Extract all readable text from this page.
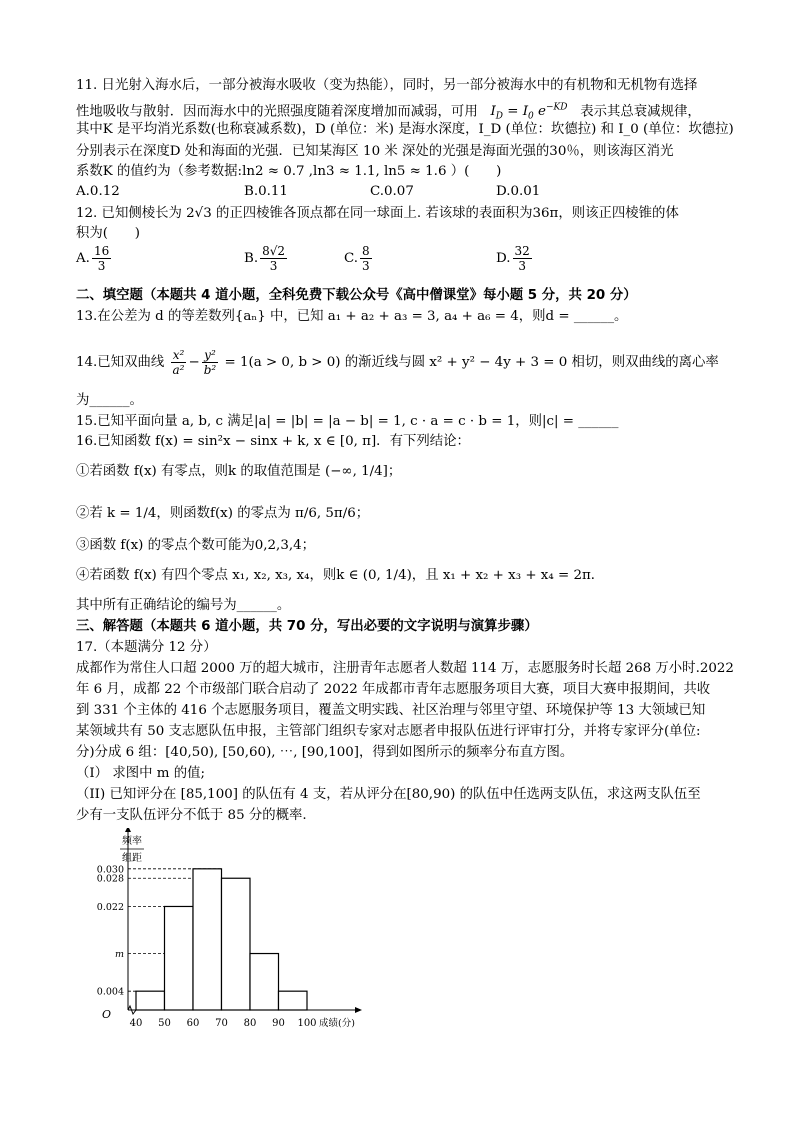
11. 日光射入海水后，一部分被海水吸收（变为热能），同时，另一部分被海水中的有机物和无机物有选择
性地吸收与散射．因而海水中的光照强度随着深度增加而减弱，可用   $I_D = I_0$ $e^{-KD}$ 表示其总衰减规律，
其中K 是平均消光系数(也称衰减系数)，D (单位：米) 是海水深度，I_D (单位：坎德拉) 和 I_0 (单位：坎德拉)
分别表示在深度D 处和海面的光强．已知某海区 10 米 深处的光强是海面光强的30％，则该海区消光
系数K 的值约为（参考数据:ln2 ≈ 0.7 ,ln3 ≈ 1.1, ln5 ≈ 1.6 ）(　　)
A.0.12	B.0.11	C.0.07	D.0.01
12. 已知侧棱长为 2√3 的正四棱锥各顶点都在同一球面上. 若该球的表面积为36π，则该正四棱锥的体
积为(　　)
A. $\frac{16}{3}$	B. $\frac{8√2}{3}$	C. $\frac{8}{3}$	D. $\frac{32}{3}$
二、填空题（本题共 4 道小题，全科免费下载公众号《高中僧课堂》每小题 5 分，共 20 分）
13.在公差为 d 的等差数列{aₙ} 中，已知 a₁ + a₂ + a₃ = 3, a₄ + a₆ = 4，则d = ______。
14.已知双曲线 $\frac{\text{x²}}{\text{a²}} - \frac{\text{y²}}{\text{b²}} = 1(a > 0$, b > 0) 的渐近线与圆 x² + y² − 4y + 3 = 0 相切，则双曲线的离心率
为______。
15.已知平面向量 a, b, c 满足|a| = |b| = |a − b| = 1, c · a = c · b = 1，则|c| = ______
16.已知函数 f(x) = sin²x − sinx + k, x ∈ [0, π]．有下列结论：
①若函数 f(x) 有零点，则k 的取值范围是 (−∞, 1/4]；
②若 k = 1/4，则函数f(x) 的零点为 π/6, 5π/6；
③函数 f(x) 的零点个数可能为0,2,3,4；
④若函数 f(x) 有四个零点 x₁, x₂, x₃, x₄，则k ∈ (0, 1/4)，且 x₁ + x₂ + x₃ + x₄ = 2π．
其中所有正确结论的编号为______。
三、解答题（本题共 6 道小题，共 70 分，写出必要的文字说明与演算步骤）
17.（本题满分 12 分）
成都作为常住人口超 2000 万的超大城市，注册青年志愿者人数超 114 万，志愿服务时长超 268 万小时.2022
年 6 月，成都 22 个市级部门联合启动了 2022 年成都市青年志愿服务项目大赛，项目大赛申报期间，共收
到 331 个主体的 416 个志愿服务项目，覆盖文明实践、社区治理与邻里守望、环境保护等 13 大领域已知
某领域共有 50 支志愿队伍申报，主管部门组织专家对志愿者申报队伍进行评审打分，并将专家评分(单位:
分)分成 6 组：[40,50), [50,60), ⋯, [90,100]，得到如图所示的频率分布直方图。
（I） 求图中 m 的值;
（II) 已知评分在 [85,100] 的队伍有 4 支，若从评分在[80,90) 的队伍中任选两支队伍，求这两支队伍至
少有一支队伍评分不低于 85 分的概率.
频率
组距
O
0.030
0.028
0.022
m
0.004
40 50 60 70 80 90 100 成绩(分)
